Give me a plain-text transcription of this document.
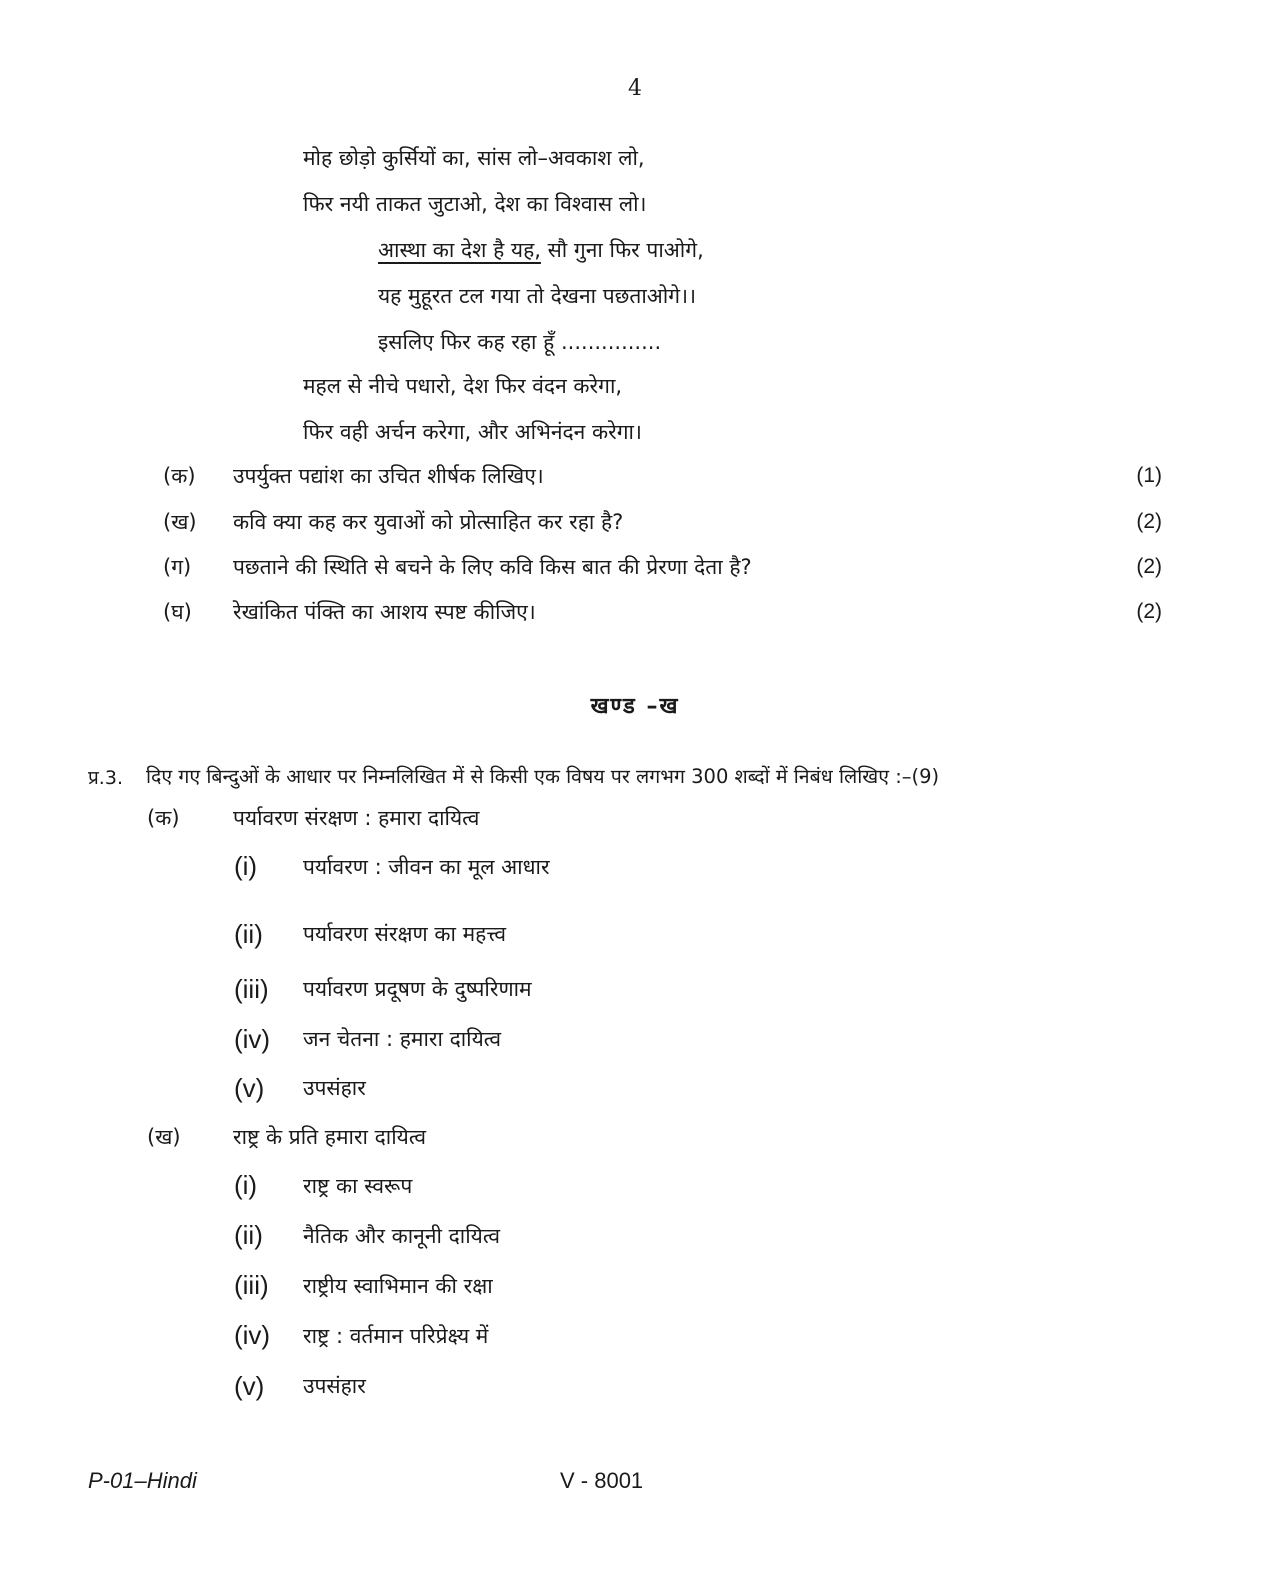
4
मोह छोड़ो कुर्सियों का, सांस लो–अवकाश लो,
फिर नयी ताकत जुटाओ, देश का विश्वास लो।
आस्था का देश है यह, सौ गुना फिर पाओगे,
यह मुहूरत टल गया तो देखना पछताओगे।।
इसलिए फिर कह रहा हूँ ...............
महल से नीचे पधारो, देश फिर वंदन करेगा,
फिर वही अर्चन करेगा, और अभिनंदन करेगा।
(क) उपर्युक्त पद्यांश का उचित शीर्षक लिखिए।	(1)
(ख) कवि क्या कह कर युवाओं को प्रोत्साहित कर रहा है?	(2)
(ग) पछताने की स्थिति से बचने के लिए कवि किस बात की प्रेरणा देता है?	(2)
(घ) रेखांकित पंक्ति का आशय स्पष्ट कीजिए।	(2)
खण्ड –ख
प्र.3. दिए गए बिन्दुओं के आधार पर निम्नलिखित में से किसी एक विषय पर लगभग 300 शब्दों में निबंध लिखिए :–(9)
(क)	पर्यावरण संरक्षण : हमारा दायित्व
(i) पर्यावरण : जीवन का मूल आधार
(ii) पर्यावरण संरक्षण का महत्त्व
(iii) पर्यावरण प्रदूषण के दुष्परिणाम
(iv) जन चेतना : हमारा दायित्व
(v) उपसंहार
(ख) राष्ट्र के प्रति हमारा दायित्व
(i) राष्ट्र का स्वरूप
(ii) नैतिक और कानूनी दायित्व
(iii) राष्ट्रीय स्वाभिमान की रक्षा
(iv) राष्ट्र : वर्तमान परिप्रेक्ष्य में
(v) उपसंहार
P-01–Hindi	V - 8001
